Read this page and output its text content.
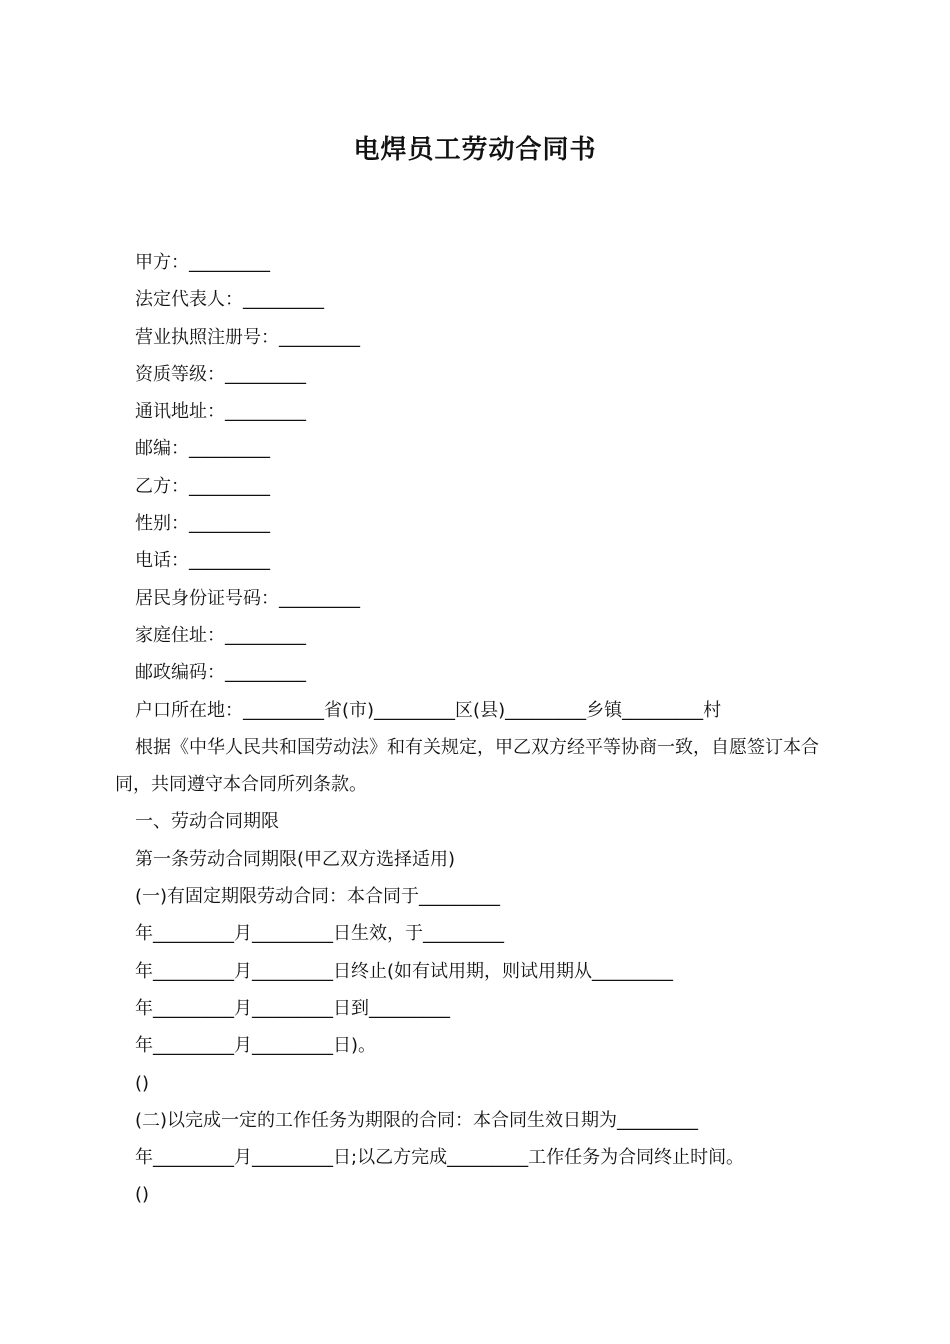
电焊员工劳动合同书
甲方：_________
法定代表人：_________
营业执照注册号：_________
资质等级：_________
通讯地址：_________
邮编：_________
乙方：_________
性别：_________
电话：_________
居民身份证号码：_________
家庭住址：_________
邮政编码：_________
户口所在地：_________省(市)_________区(县)_________乡镇_________村
根据《中华人民共和国劳动法》和有关规定，甲乙双方经平等协商一致，自愿签订本合同，共同遵守本合同所列条款。
一、劳动合同期限
第一条劳动合同期限(甲乙双方选择适用)
(一)有固定期限劳动合同：本合同于_________
年_________月_________日生效，于_________
年_________月_________日终止(如有试用期，则试用期从_________
年_________月_________日到_________
年_________月_________日)。
()
(二)以完成一定的工作任务为期限的合同：本合同生效日期为_________
年_________月_________日;以乙方完成_________工作任务为合同终止时间。
()
